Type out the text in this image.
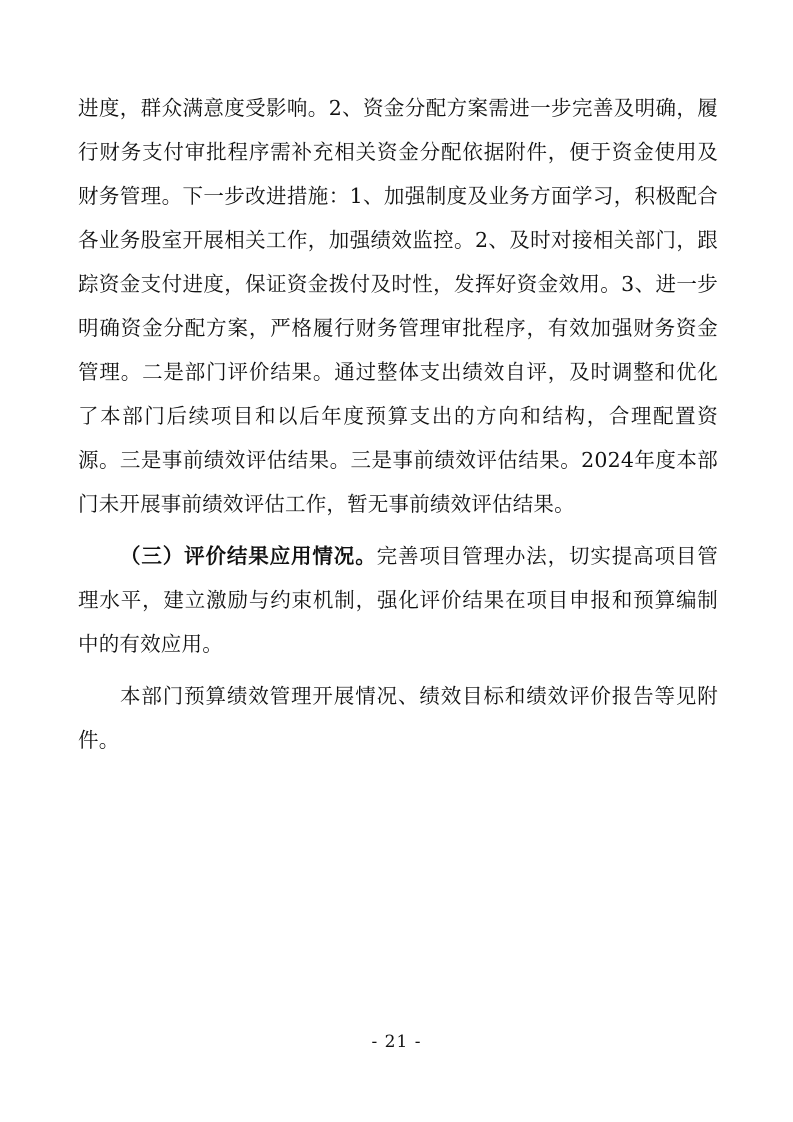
进度，群众满意度受影响。2、资金分配方案需进一步完善及明确，履行财务支付审批程序需补充相关资金分配依据附件，便于资金使用及财务管理。下一步改进措施：1、加强制度及业务方面学习，积极配合各业务股室开展相关工作，加强绩效监控。2、及时对接相关部门，跟踪资金支付进度，保证资金拨付及时性，发挥好资金效用。3、进一步明确资金分配方案，严格履行财务管理审批程序，有效加强财务资金管理。二是部门评价结果。通过整体支出绩效自评，及时调整和优化了本部门后续项目和以后年度预算支出的方向和结构，合理配置资源。三是事前绩效评估结果。三是事前绩效评估结果。2024年度本部门未开展事前绩效评估工作，暂无事前绩效评估结果。

（三）评价结果应用情况。完善项目管理办法，切实提高项目管理水平，建立激励与约束机制，强化评价结果在项目申报和预算编制中的有效应用。

本部门预算绩效管理开展情况、绩效目标和绩效评价报告等见附件。

- 21 -
